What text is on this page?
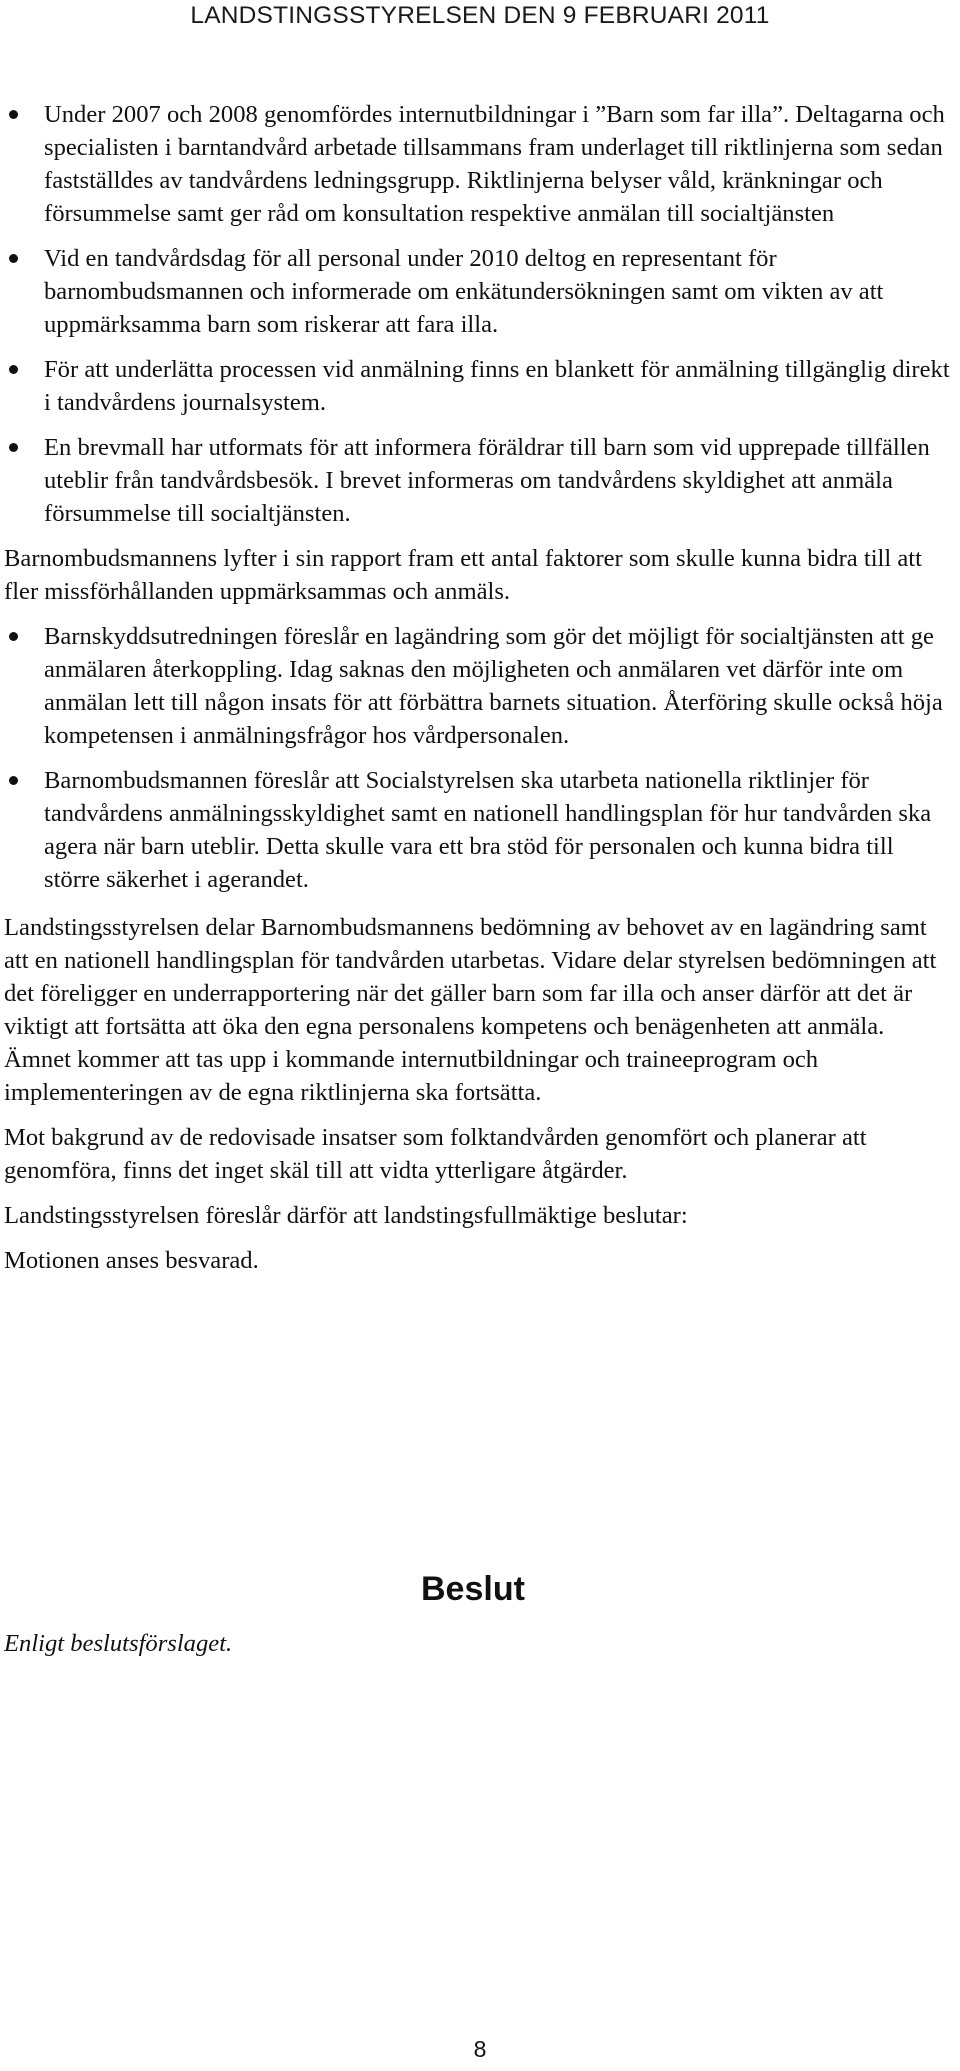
LANDSTINGSSTYRELSEN DEN 9 FEBRUARI 2011
Under 2007 och 2008 genomfördes internutbildningar i ”Barn som far illa”. Deltagarna och specialisten i barntandvård arbetade tillsammans fram underlaget till riktlinjerna som sedan fastställdes av tandvårdens ledningsgrupp. Riktlinjerna belyser våld, kränkningar och försummelse samt ger råd om konsultation respektive anmälan till socialtjänsten
Vid en tandvårdsdag för all personal under 2010 deltog en representant för barnombudsmannen och informerade om enkätundersökningen samt om vikten av att uppmärksamma barn som riskerar att fara illa.
För att underlätta processen vid anmälning finns en blankett för anmälning tillgänglig direkt i tandvårdens journalsystem.
En brevmall har utformats för att informera föräldrar till barn som vid upprepade tillfällen uteblir från tandvårdsbesök. I brevet informeras om tandvårdens skyldighet att anmäla försummelse till socialtjänsten.

Barnombudsmannens lyfter i sin rapport fram ett antal faktorer som skulle kunna bidra till att fler missförhållanden uppmärksammas och anmäls.

Barnskyddsutredningen föreslår en lagändring som gör det möjligt för socialtjänsten att ge anmälaren återkoppling. Idag saknas den möjligheten och anmälaren vet därför inte om anmälan lett till någon insats för att förbättra barnets situation. Återföring skulle också höja kompetensen i anmälningsfrågor hos vårdpersonalen.
Barnombudsmannen föreslår att Socialstyrelsen ska utarbeta nationella riktlinjer för tandvårdens anmälningsskyldighet samt en nationell handlingsplan för hur tandvården ska agera när barn uteblir. Detta skulle vara ett bra stöd för personalen och kunna bidra till större säkerhet i agerandet.

Landstingsstyrelsen delar Barnombudsmannens bedömning av behovet av en lagändring samt att en nationell handlingsplan för tandvården utarbetas. Vidare delar styrelsen bedömningen att det föreligger en underrapportering när det gäller barn som far illa och anser därför att det är viktigt att fortsätta att öka den egna personalens kompetens och benägenheten att anmäla. Ämnet kommer att tas upp i kommande internutbildningar och traineeprogram och implementeringen av de egna riktlinjerna ska fortsätta.

Mot bakgrund av de redovisade insatser som folktandvården genomfört och planerar att genomföra, finns det inget skäl till att vidta ytterligare åtgärder.

Landstingsstyrelsen föreslår därför att landstingsfullmäktige beslutar:

Motionen anses besvarad.

Beslut
Enligt beslutsförslaget.
8
